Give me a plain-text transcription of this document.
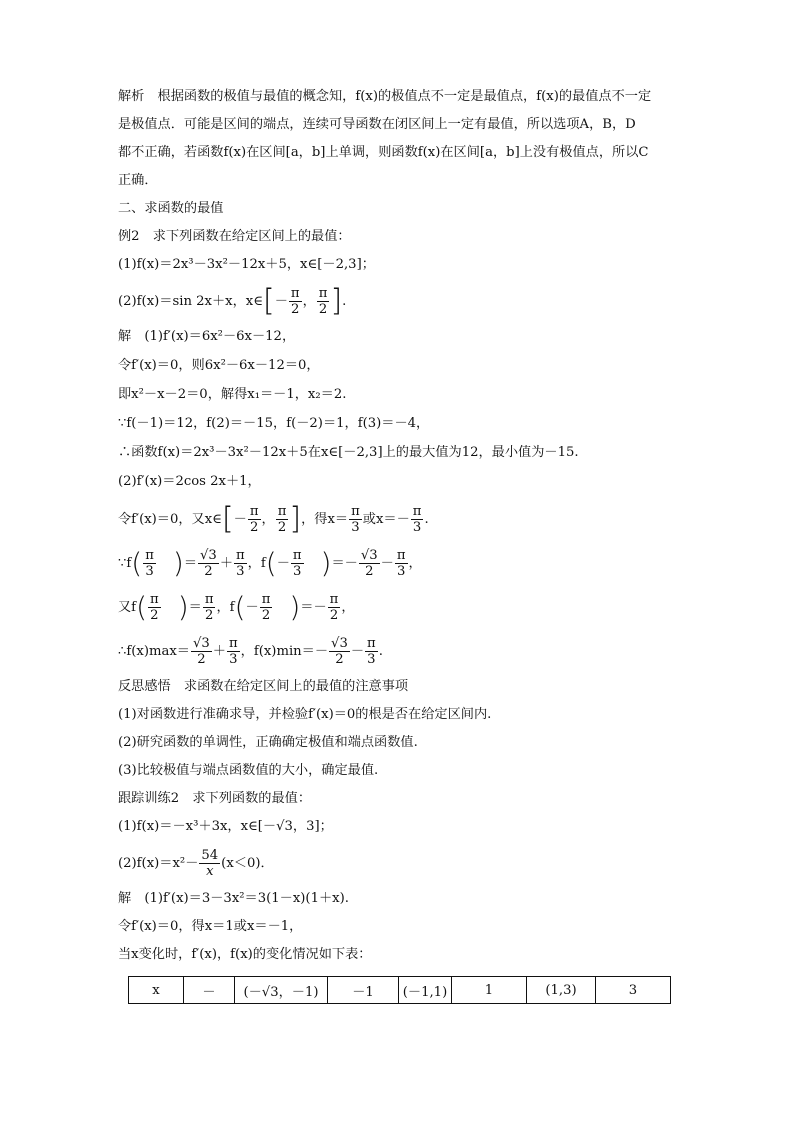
解析　根据函数的极值与最值的概念知，f(x)的极值点不一定是最值点，f(x)的最值点不一定
是极值点．可能是区间的端点，连续可导函数在闭区间上一定有最值，所以选项A，B，D
都不正确，若函数f(x)在区间[a，b]上单调，则函数f(x)在区间[a，b]上没有极值点，所以C
正确．
二、求函数的最值
例2　求下列函数在给定区间上的最值：
(1)f(x)＝2x³－3x²－12x＋5，x∈[－2,3]；
(2)f(x)＝sin 2x＋x，x∈[－ $\frac{\pi}{2}$ ， $\frac{\pi}{2}$ ].
解　(1)f′(x)＝6x²－6x－12，
令f′(x)＝0，则6x²－6x－12＝0，
即x²－x－2＝0，解得x₁＝－1，x₂＝2.
∵f(－1)＝12，f(2)＝－15，f(－2)＝1，f(3)＝－4，
∴函数f(x)＝2x³－3x²－12x＋5在x∈[－2,3]上的最大值为12，最小值为－15.
(2)f′(x)＝2cos 2x＋1，
令f′(x)＝0，又x∈[－ $\frac{\pi}{2}$ ， $\frac{\pi}{2}$ ]，得$x= \frac{\pi}{3}$ 或$x=- \frac{\pi}{3}$ .
∵f( $\frac{\pi}{3}$ )＝ $\frac{√3}{2} + \frac{\pi}{3}$ ，$f(- \frac{\pi}{3}$ )＝－ $\frac{√3}{2} - \frac{\pi}{3}$ ，
又$f( \frac{\pi}{2}$ )＝ $\frac{\pi}{2}$ ，$f(- \frac{\pi}{2}$ )＝－ $\frac{\pi}{2}$ ，
∴f(x)max＝ $\frac{√3}{2} + \frac{\pi}{3}$ ，$f(x)\min=- \frac{√3}{2} - \frac{\pi}{3}$ .
反思感悟　求函数在给定区间上的最值的注意事项
(1)对函数进行准确求导，并检验f′(x)＝0的根是否在给定区间内.
(2)研究函数的单调性，正确确定极值和端点函数值.
(3)比较极值与端点函数值的大小，确定最值.
跟踪训练2　求下列函数的最值：
(1)f(x)＝－x³＋3x，x∈[－√3，3]；
$(2)f(x)=x^2- \frac{54}{x} (x<0)$．
解　(1)f′(x)＝3－3x²＝3(1－x)(1＋x).
令f′(x)＝0，得x＝1或x＝－1，
当x变化时，f′(x)，f(x)的变化情况如下表：
x	－	(－√3，－1)	－1	(－1,1)	1	(1,3)	3
